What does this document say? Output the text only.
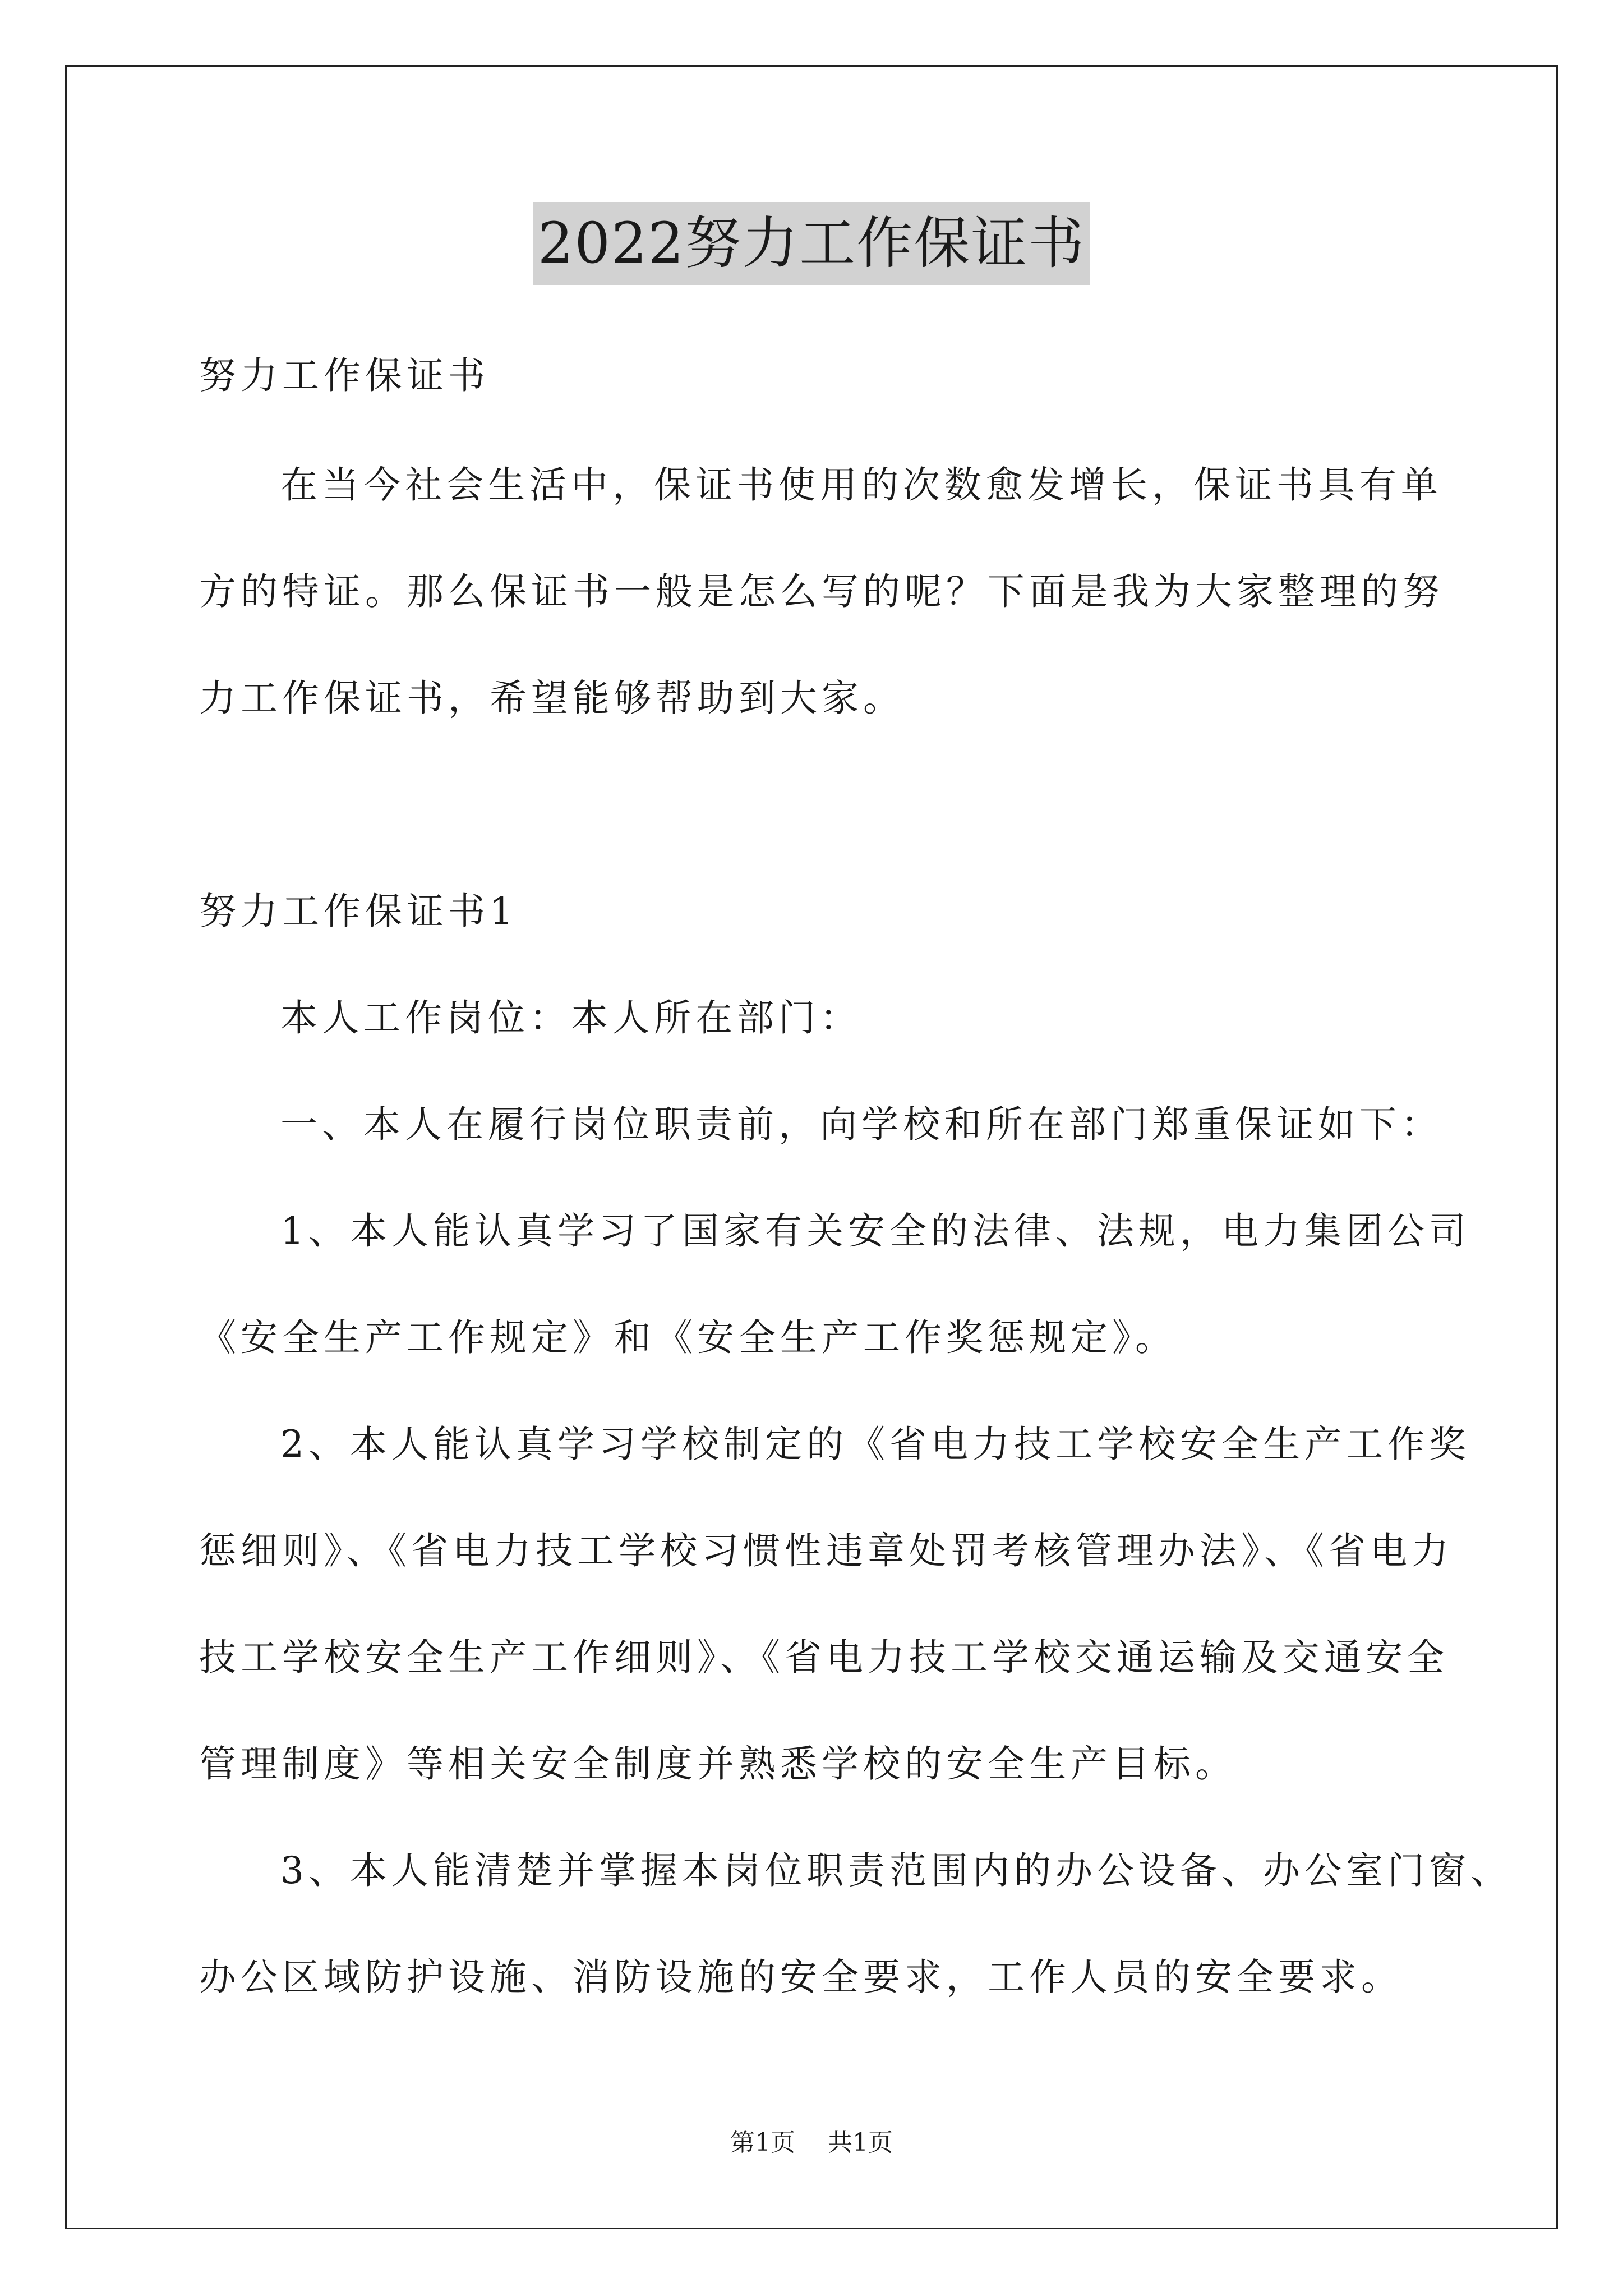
2022努力工作保证书
努力工作保证书
在当今社会生活中，保证书使用的次数愈发增长，保证书具有单
方的特证。那么保证书一般是怎么写的呢？下面是我为大家整理的努
力工作保证书，希望能够帮助到大家。
努力工作保证书1
本人工作岗位：本人所在部门：
一、本人在履行岗位职责前，向学校和所在部门郑重保证如下：
1、本人能认真学习了国家有关安全的法律、法规，电力集团公司
《安全生产工作规定》和《安全生产工作奖惩规定》。
2、本人能认真学习学校制定的《省电力技工学校安全生产工作奖
惩细则》、《省电力技工学校习惯性违章处罚考核管理办法》、《省电力
技工学校安全生产工作细则》、《省电力技工学校交通运输及交通安全
管理制度》等相关安全制度并熟悉学校的安全生产目标。
3、本人能清楚并掌握本岗位职责范围内的办公设备、办公室门窗、
办公区域防护设施、消防设施的安全要求，工作人员的安全要求。
第1页 共1页
